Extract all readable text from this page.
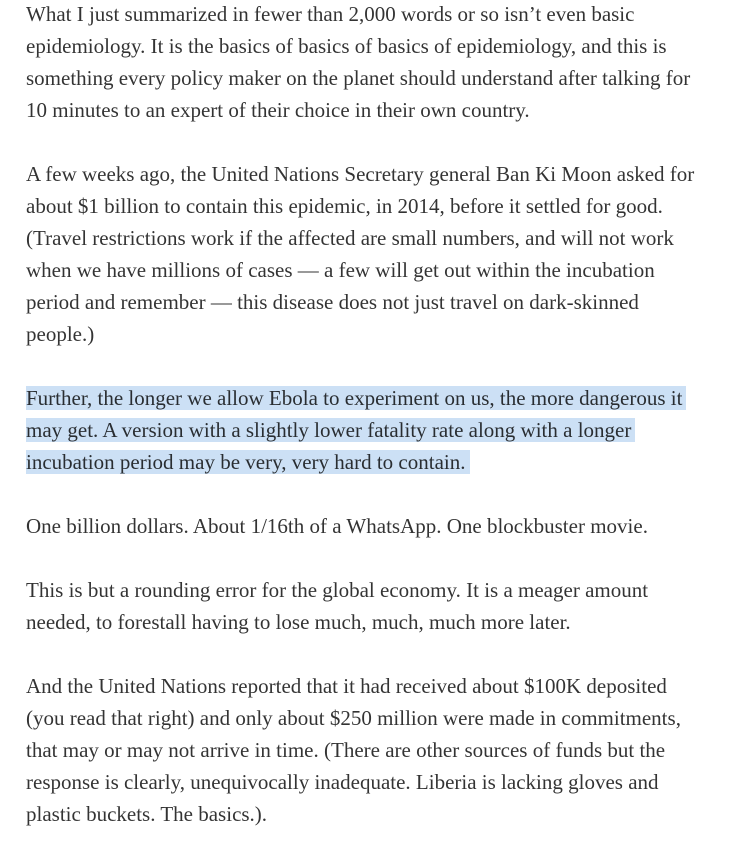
What I just summarized in fewer than 2,000 words or so isn’t even basic epidemiology. It is the basics of basics of basics of epidemiology, and this is something every policy maker on the planet should understand after talking for 10 minutes to an expert of their choice in their own country.

A few weeks ago, the United Nations Secretary general Ban Ki Moon asked for about $1 billion to contain this epidemic, in 2014, before it settled for good. (Travel restrictions work if the affected are small numbers, and will not work when we have millions of cases — a few will get out within the incubation period and remember — this disease does not just travel on dark-skinned people.)

Further, the longer we allow Ebola to experiment on us, the more dangerous it may get. A version with a slightly lower fatality rate along with a longer incubation period may be very, very hard to contain.

One billion dollars. About 1/16th of a WhatsApp. One blockbuster movie.

This is but a rounding error for the global economy. It is a meager amount needed, to forestall having to lose much, much, much more later.

And the United Nations reported that it had received about $100K deposited (you read that right) and only about $250 million were made in commitments, that may or may not arrive in time. (There are other sources of funds but the response is clearly, unequivocally inadequate. Liberia is lacking gloves and plastic buckets. The basics.).
